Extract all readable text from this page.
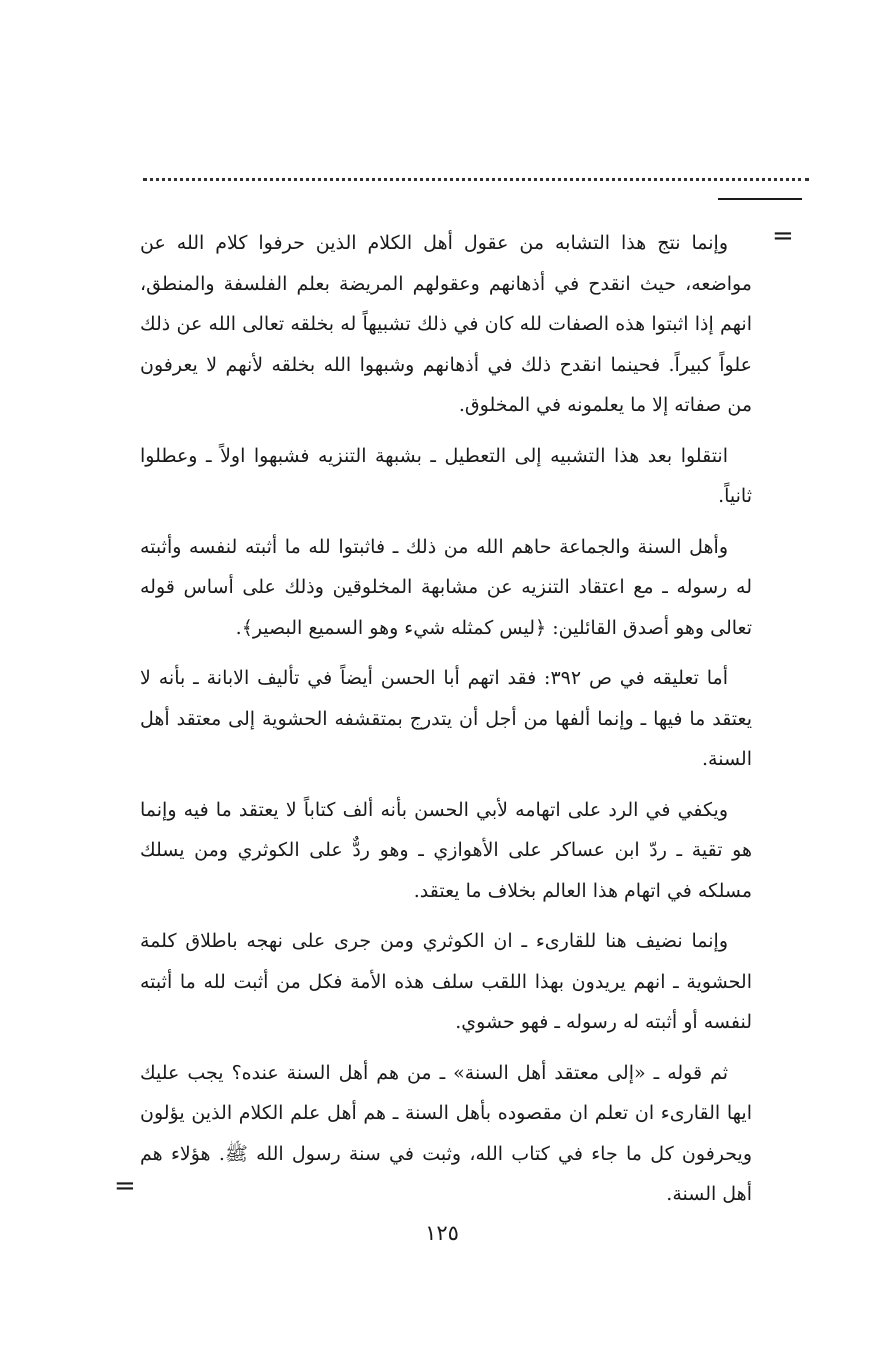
=

وإنما نتج هذا التشابه من عقول أهل الكلام الذين حرفوا كلام الله عن مواضعه، حيث انقدح في أذهانهم وعقولهم المريضة بعلم الفلسفة والمنطق، انهم إذا اثبتوا هذه الصفات لله كان في ذلك تشبيهاً له بخلقه تعالى الله عن ذلك علواً كبيراً. فحينما انقدح ذلك في أذهانهم وشبهوا الله بخلقه لأنهم لا يعرفون من صفاته إلا ما يعلمونه في المخلوق.

انتقلوا بعد هذا التشبيه إلى التعطيل ـ بشبهة التنزيه فشبهوا اولاً ـ وعطلوا ثانياً.

وأهل السنة والجماعة حاهم الله من ذلك ـ فاثبتوا لله ما أثبته لنفسه وأثبته له رسوله ـ مع اعتقاد التنزيه عن مشابهة المخلوقين وذلك على أساس قوله تعالى وهو أصدق القائلين: ﴿ليس كمثله شيء وهو السميع البصير﴾.

أما تعليقه في ص ٣٩٢: فقد اتهم أبا الحسن أيضاً في تأليف الابانة ـ بأنه لا يعتقد ما فيها ـ وإنما ألفها من أجل أن يتدرج بمتقشفه الحشوية إلى معتقد أهل السنة.

ويكفي في الرد على اتهامه لأبي الحسن بأنه ألف كتاباً لا يعتقد ما فيه وإنما هو تقية ـ ردّ ابن عساكر على الأهوازي ـ وهو ردٌّ على الكوثري ومن يسلك مسلكه في اتهام هذا العالم بخلاف ما يعتقد.

وإنما نضيف هنا للقارىء ـ ان الكوثري ومن جرى على نهجه باطلاق كلمة الحشوية ـ انهم يريدون بهذا اللقب سلف هذه الأمة فكل من أثبت لله ما أثبته لنفسه أو أثبته له رسوله ـ فهو حشوي.

ثم قوله ـ «إلى معتقد أهل السنة» ـ من هم أهل السنة عنده؟ يجب عليك ايها القارىء ان تعلم ان مقصوده بأهل السنة ـ هم أهل علم الكلام الذين يؤلون ويحرفون كل ما جاء في كتاب الله، وثبت في سنة رسول الله ﷺ. هؤلاء هم أهل السنة.

=
١٢٥
